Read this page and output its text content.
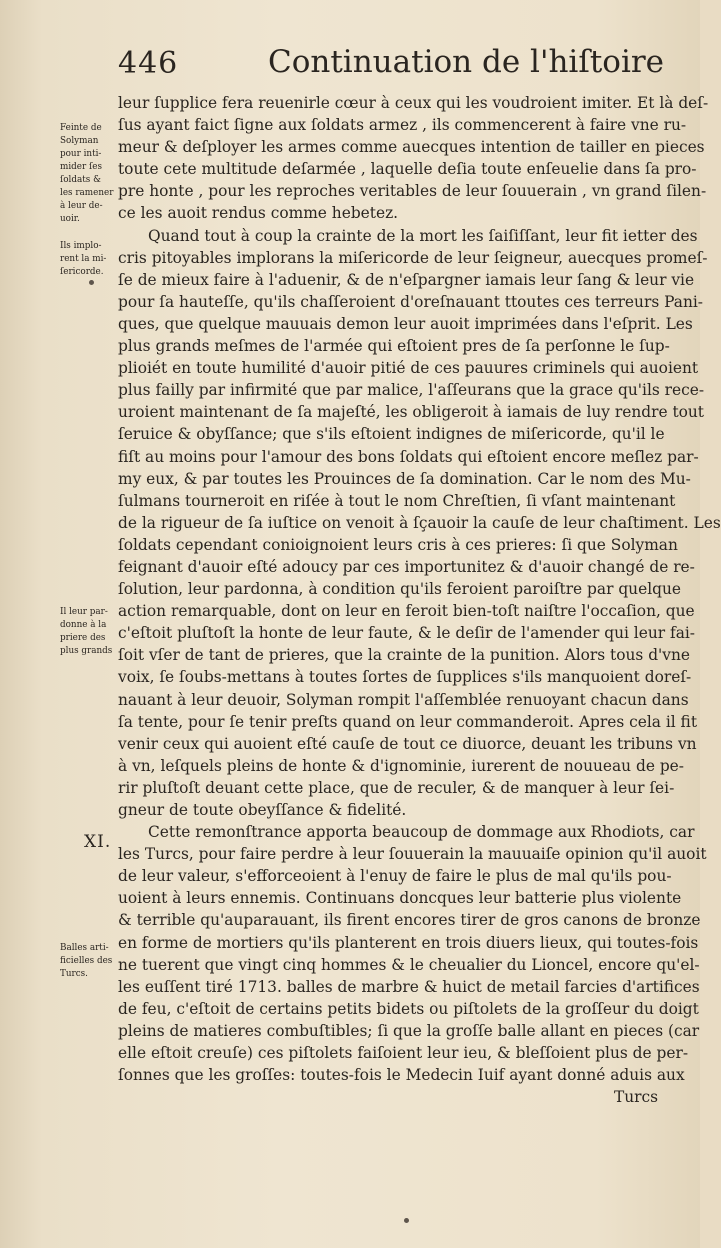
446	Continuation de l'hiſtoire
leur ſupplice fera reuenirle cœur à ceux qui les voudroient imiter. Et là deſ-
ſus ayant faict ſigne aux ſoldats armez , ils commencerent à faire vne ru-
meur & deſployer les armes comme auecques intention de tailler en pieces
toute cete multitude deſarmée , laquelle deſia toute enſeuelie dans ſa pro-
pre honte , pour les reproches veritables de leur ſouuerain , vn grand ſilen-
ce les auoit rendus comme hebetez.
Quand tout à coup la crainte de la mort les ſaiſiſſant, leur fit ietter des
cris pitoyables implorans la miſericorde de leur ſeigneur, auecques promeſ-
ſe de mieux faire à l'aduenir, & de n'eſpargner iamais leur ſang & leur vie
pour ſa hauteſſe, qu'ils chaſſeroient d'oreſnauant ttoutes ces terreurs Pani-
ques, que quelque mauuais demon leur auoit imprimées dans l'eſprit. Les
plus grands meſmes de l'armée qui eſtoient pres de ſa perſonne le ſup-
plioiét en toute humilité d'auoir pitié de ces pauures criminels qui auoient
plus failly par infirmité que par malice, l'aſſeurans que la grace qu'ils rece-
uroient maintenant de ſa majeſté, les obligeroit à iamais de luy rendre tout
ſeruice & obyſſance; que s'ils eſtoient indignes de miſericorde, qu'il le
fiſt au moins pour l'amour des bons ſoldats qui eſtoient encore meſlez par-
my eux, & par toutes les Prouinces de ſa domination. Car le nom des Mu-
ſulmans tourneroit en riſée à tout le nom Chreſtien, ſi vſant maintenant
de la rigueur de ſa iuſtice on venoit à ſçauoir la cauſe de leur chaſtiment. Les
ſoldats cependant conioignoient leurs cris à ces prieres: ſi que Solyman
feignant d'auoir eſté adoucy par ces importunitez & d'auoir changé de re-
ſolution, leur pardonna, à condition qu'ils feroient paroiſtre par quelque
action remarquable, dont on leur en feroit bien-toſt naiſtre l'occaſion, que
c'eſtoit pluſtoſt la honte de leur faute, & le deſir de l'amender qui leur fai-
ſoit vſer de tant de prieres, que la crainte de la punition. Alors tous d'vne
voix, ſe ſoubs-mettans à toutes ſortes de ſupplices s'ils manquoient doreſ-
nauant à leur deuoir, Solyman rompit l'aſſemblée renuoyant chacun dans
ſa tente, pour ſe tenir preſts quand on leur commanderoit. Apres cela il fit
venir ceux qui auoient eſté cauſe de tout ce diuorce, deuant les tribuns vn
à vn, leſquels pleins de honte & d'ignominie, iurerent de nouueau de pe-
rir pluſtoſt deuant cette place, que de reculer, & de manquer à leur ſei-
gneur de toute obeyſſance & fidelité.
Cette remonſtrance apporta beaucoup de dommage aux Rhodiots, car
les Turcs, pour faire perdre à leur ſouuerain la mauuaiſe opinion qu'il auoit
de leur valeur, s'efforceoient à l'enuy de faire le plus de mal qu'ils pou-
uoient à leurs ennemis. Continuans doncques leur batterie plus violente
& terrible qu'auparauant, ils firent encores tirer de gros canons de bronze
en forme de mortiers qu'ils planterent en trois diuers lieux, qui toutes-fois
ne tuerent que vingt cinq hommes & le cheualier du Lioncel, encore qu'el-
les euſſent tiré 1713. balles de marbre & huict de metail farcies d'artifices
de feu, c'eſtoit de certains petits bidets ou piſtolets de la groſſeur du doigt
pleins de matieres combuſtibles; ſi que la groſſe balle allant en pieces (car
elle eſtoit creuſe) ces piſtolets faiſoient leur ieu, & bleſſoient plus de per-
ſonnes que les groſſes: toutes-fois le Medecin Iuif ayant donné aduis aux
Turcs
Feinte de
Solyman
pour inti-
mider ſes
ſoldats &
les ramener
à leur de-
uoir.
Ils implo-
rent la mi-
ſericorde.
Il leur par-
donne à la
priere des
plus grands
XI.
Balles arti-
ficielles des
Turcs.
